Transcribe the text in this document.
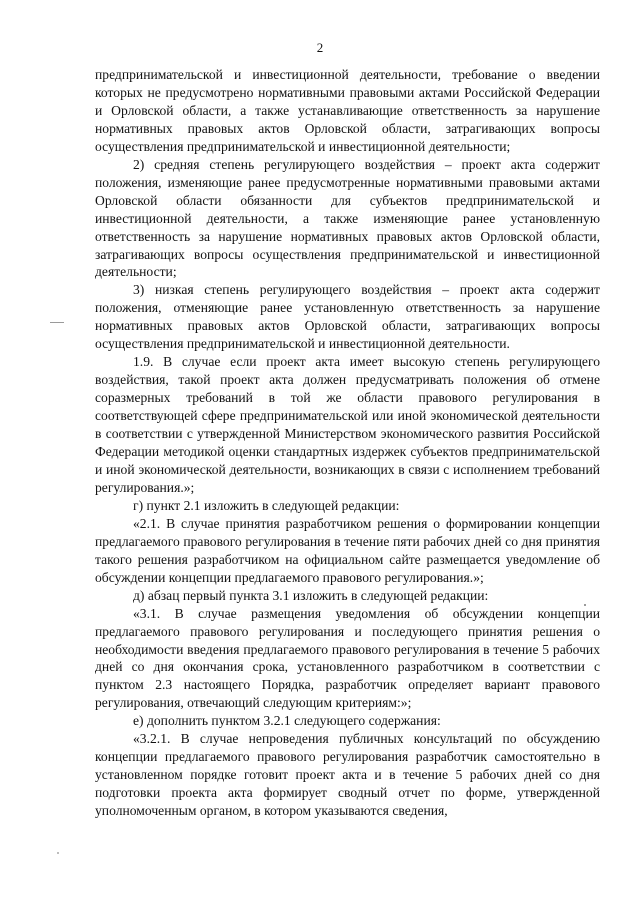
2

предпринимательской и инвестиционной деятельности, требование о введении которых не предусмотрено нормативными правовыми актами Российской Федерации и Орловской области, а также устанавливающие ответственность за нарушение нормативных правовых актов Орловской области, затрагивающих вопросы осуществления предпринимательской и инвестиционной деятельности;

2) средняя степень регулирующего воздействия – проект акта содержит положения, изменяющие ранее предусмотренные нормативными правовыми актами Орловской области обязанности для субъектов предпринимательской и инвестиционной деятельности, а также изменяющие ранее установленную ответственность за нарушение нормативных правовых актов Орловской области, затрагивающих вопросы осуществления предпринимательской и инвестиционной деятельности;

3) низкая степень регулирующего воздействия – проект акта содержит положения, отменяющие ранее установленную ответственность за нарушение нормативных правовых актов Орловской области, затрагивающих вопросы осуществления предпринимательской и инвестиционной деятельности.

1.9. В случае если проект акта имеет высокую степень регулирующего воздействия, такой проект акта должен предусматривать положения об отмене соразмерных требований в той же области правового регулирования в соответствующей сфере предпринимательской или иной экономической деятельности в соответствии с утвержденной Министерством экономического развития Российской Федерации методикой оценки стандартных издержек субъектов предпринимательской и иной экономической деятельности, возникающих в связи с исполнением требований регулирования.»;

г) пункт 2.1 изложить в следующей редакции:

«2.1. В случае принятия разработчиком решения о формировании концепции предлагаемого правового регулирования в течение пяти рабочих дней со дня принятия такого решения разработчиком на официальном сайте размещается уведомление об обсуждении концепции предлагаемого правового регулирования.»;

д) абзац первый пункта 3.1 изложить в следующей редакции:

«3.1. В случае размещения уведомления об обсуждении концепции предлагаемого правового регулирования и последующего принятия решения о необходимости введения предлагаемого правового регулирования в течение 5 рабочих дней со дня окончания срока, установленного разработчиком в соответствии с пунктом 2.3 настоящего Порядка, разработчик определяет вариант правового регулирования, отвечающий следующим критериям:»;

е) дополнить пунктом 3.2.1 следующего содержания:

«3.2.1. В случае непроведения публичных консультаций по обсуждению концепции предлагаемого правового регулирования разработчик самостоятельно в установленном порядке готовит проект акта и в течение 5 рабочих дней со дня подготовки проекта акта формирует сводный отчет по форме, утвержденной уполномоченным органом, в котором указываются сведения,
